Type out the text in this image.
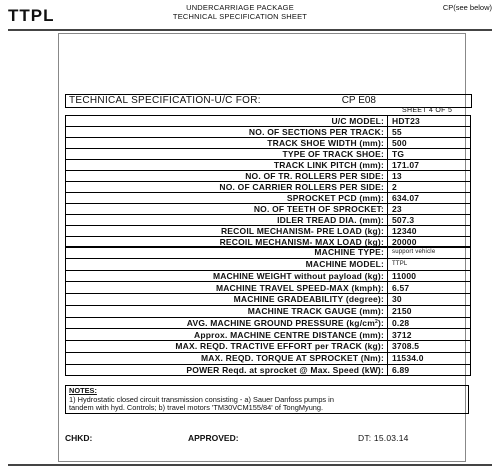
TTPL	UNDERCARRIAGE PACKAGE
TECHNICAL SPECIFICATION SHEET
CP(see below)
TECHNICAL SPECIFICATION-U/C FOR:	CP E08
SHEET 4 OF 5
U/C MODEL:	HDT23
NO. OF SECTIONS PER TRACK:	55
TRACK SHOE WIDTH (mm):	500
TYPE OF TRACK SHOE:	TG
TRACK LINK PITCH (mm):	171.07
NO. OF TR. ROLLERS PER SIDE:	13
NO. OF CARRIER ROLLERS PER SIDE:	2
SPROCKET PCD (mm):	634.07
NO. OF TEETH OF SPROCKET:	23
IDLER TREAD DIA. (mm):	507.3
RECOIL MECHANISM- PRE LOAD (kg):	12340
RECOIL MECHANISM- MAX LOAD (kg):	20000
MACHINE TYPE:	support vehicle
MACHINE MODEL:	TTPL
MACHINE WEIGHT without payload (kg):	11000
MACHINE TRAVEL SPEED-MAX (kmph):	6.57
MACHINE GRADEABILITY (degree):	30
MACHINE TRACK GAUGE (mm):	2150
AVG. MACHINE GROUND PRESSURE $(kg/cm^2)$:	0.28
Approx. MACHINE CENTRE DISTANCE (mm):	3712
MAX. REQD. TRACTIVE EFFORT per TRACK (kg):	3708.5
MAX. REQD. TORQUE AT SPROCKET (Nm):	11534.0
POWER Reqd. at sprocket @ Max. Speed (kW):	6.89
NOTES:
1) Hydrostatic closed circuit transmission consisting - a) Sauer Danfoss pumps in
tandem with hyd. Controls; b) travel motors 'TM30VCM155/84' of TongMyung.
CHKD:	APPROVED:	DT: 15.03.14
